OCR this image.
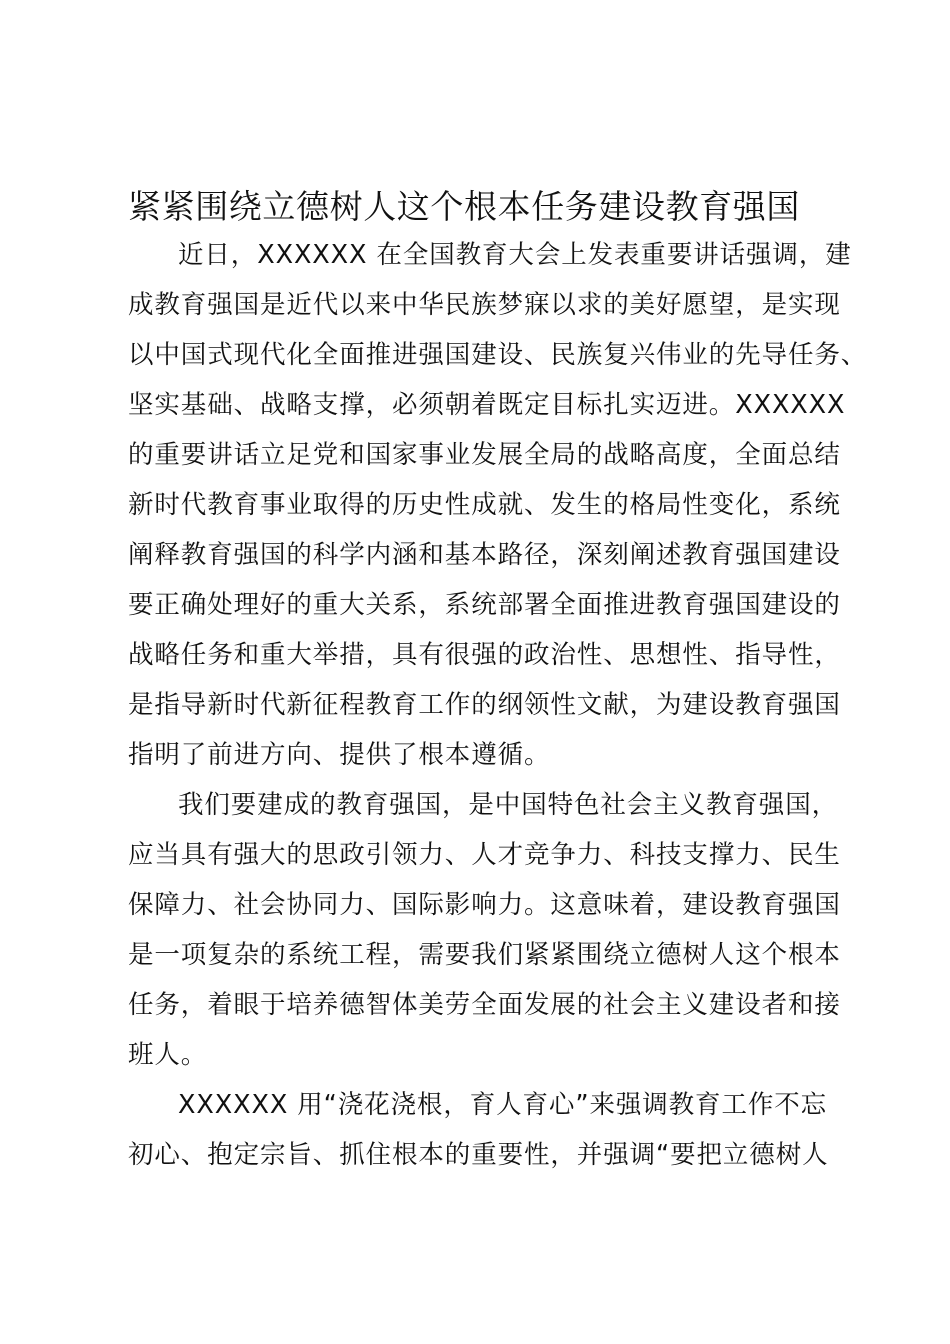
紧紧围绕立德树人这个根本任务建设教育强国

近日，XXXXXX 在全国教育大会上发表重要讲话强调，建

成教育强国是近代以来中华民族梦寐以求的美好愿望，是实现

以中国式现代化全面推进强国建设、民族复兴伟业的先导任务、

坚实基础、战略支撑，必须朝着既定目标扎实迈进。XXXXXX

的重要讲话立足党和国家事业发展全局的战略高度，全面总结

新时代教育事业取得的历史性成就、发生的格局性变化，系统

阐释教育强国的科学内涵和基本路径，深刻阐述教育强国建设

要正确处理好的重大关系，系统部署全面推进教育强国建设的

战略任务和重大举措，具有很强的政治性、思想性、指导性，

是指导新时代新征程教育工作的纲领性文献，为建设教育强国

指明了前进方向、提供了根本遵循。

我们要建成的教育强国，是中国特色社会主义教育强国，

应当具有强大的思政引领力、人才竞争力、科技支撑力、民生

保障力、社会协同力、国际影响力。这意味着，建设教育强国

是一项复杂的系统工程，需要我们紧紧围绕立德树人这个根本

任务，着眼于培养德智体美劳全面发展的社会主义建设者和接

班人。

XXXXXX 用“浇花浇根，育人育心”来强调教育工作不忘

初心、抱定宗旨、抓住根本的重要性，并强调“要把立德树人
